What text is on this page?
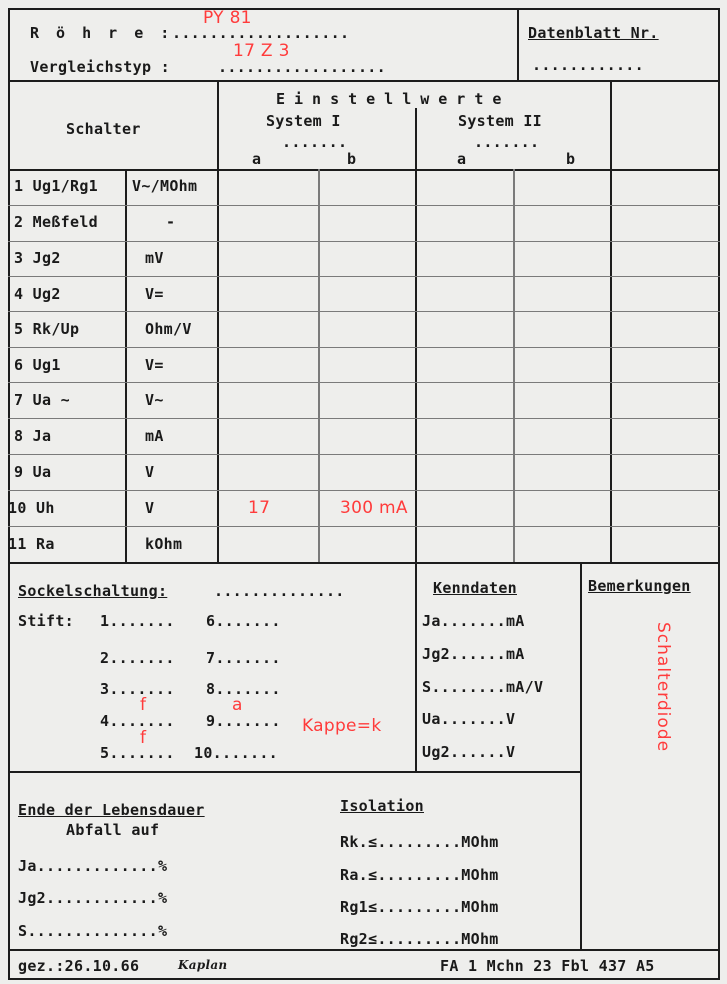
R ö h r e :
...................
PY 81
Vergleichstyp :	..................
17 Z 3
Datenblatt Nr.
............
Schalter
Einstellwerte
System I	System II
.......	.......
a	b	a	b
1 Ug1/Rg1 V~/MOhm
2 Meßfeld	-
3 Jg2	mV
4 Ug2	V=
5 Rk/Up	Ohm/V
6 Ug1	V=
7 Ua ~	V~
8 Ja	mA
9 Ua	V
10 Uh	V	17	300 mA
11 Ra	kOhm
Sockelschaltung:	..............
Stift: 1....... 6.......
2....... 7.......
3....... 8.......
4....... 9.......
5....... 10.......
f	a
f
Kappe=k
Kenndaten
Ja.......mA
Jg2......mA
S........mA/V
Ua.......V
Ug2......V
Bemerkungen
Schalterdiode
Ende der Lebensdauer
Abfall auf
Ja.............%
Jg2............%
S..............%
Isolation
Rk.≤.........MOhm
Ra.≤.........MOhm
Rg1≤.........MOhm
Rg2≤.........MOhm
gez.:26.10.66	Kaplan	FA 1 Mchn 23 Fbl 437 A5
